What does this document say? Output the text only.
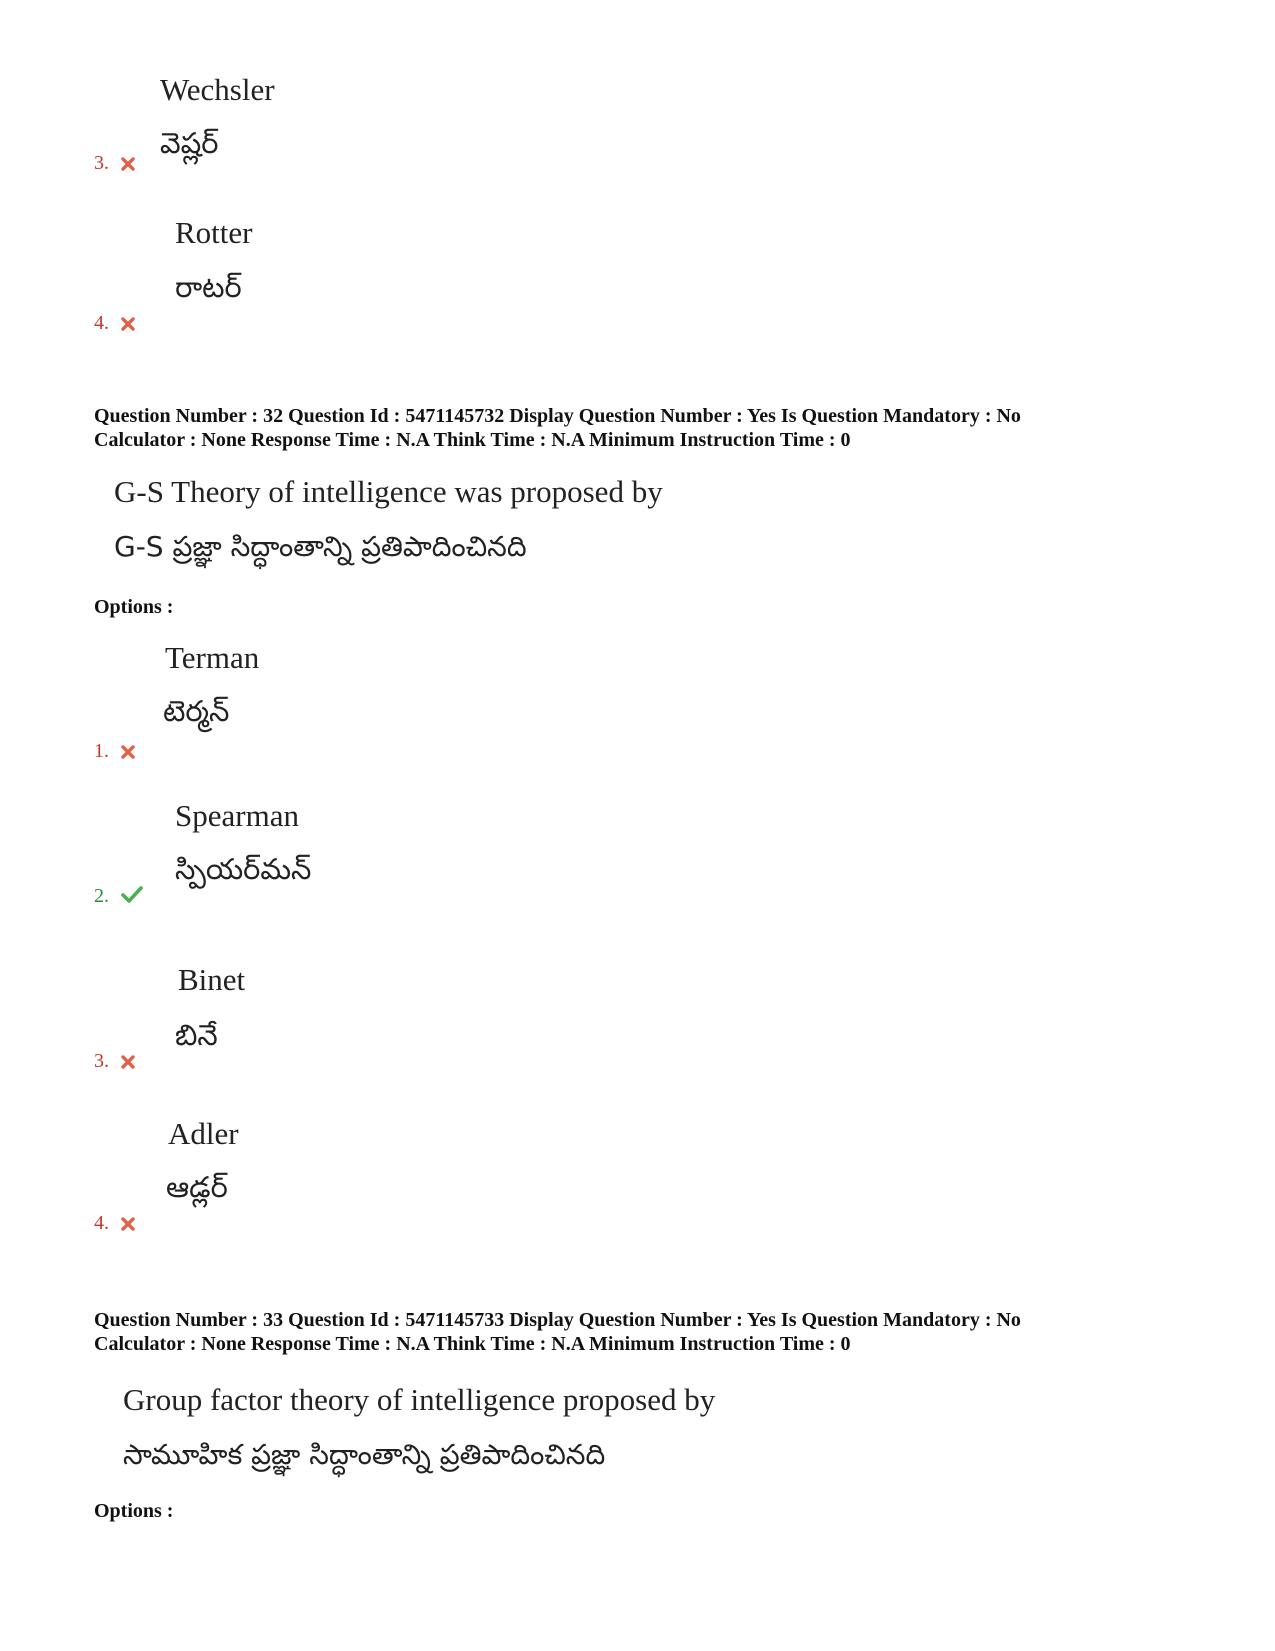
Wechsler
వెష్లర్
3.
Rotter
రాటర్
4.
Question Number : 32 Question Id : 5471145732 Display Question Number : Yes Is Question Mandatory : No
Calculator : None Response Time : N.A Think Time : N.A Minimum Instruction Time : 0
G-S Theory of intelligence was proposed by
G-S ప్రజ్ఞా సిద్ధాంతాన్ని ప్రతిపాదించినది
Options :
Terman
టెర్మన్
1.
Spearman
స్పియర్‌మన్
2.
Binet
బినే
3.
Adler
ఆడ్లర్
4.
Question Number : 33 Question Id : 5471145733 Display Question Number : Yes Is Question Mandatory : No
Calculator : None Response Time : N.A Think Time : N.A Minimum Instruction Time : 0
Group factor theory of intelligence proposed by
సామూహిక ప్రజ్ఞా సిద్ధాంతాన్ని ప్రతిపాదించినది
Options :
